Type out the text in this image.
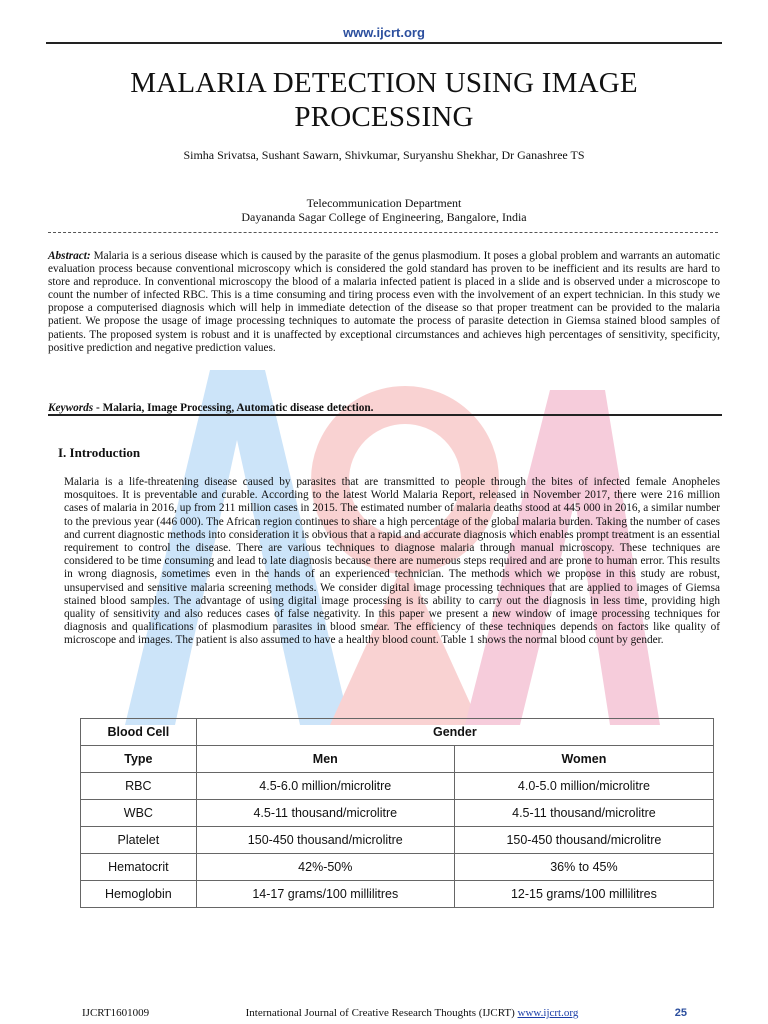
www.ijcrt.org
MALARIA DETECTION USING IMAGE
PROCESSING
Simha Srivatsa, Sushant Sawarn, Shivkumar, Suryanshu Shekhar, Dr Ganashree TS
Telecommunication Department
Dayananda Sagar College of Engineering, Bangalore, India
Abstract: Malaria is a serious disease which is caused by the parasite of the genus plasmodium. It poses a global problem and warrants an automatic evaluation process because conventional microscopy which is considered the gold standard has proven to be inefficient and its results are hard to store and reproduce. In conventional microscopy the blood of a malaria infected patient is placed in a slide and is observed under a microscope to count the number of infected RBC. This is a time consuming and tiring process even with the involvement of an expert technician. In this study we propose a computerised diagnosis which will help in immediate detection of the disease so that proper treatment can be provided to the malaria patient. We propose the usage of image processing techniques to automate the process of parasite detection in Giemsa stained blood samples of patients. The proposed system is robust and it is unaffected by exceptional circumstances and achieves high percentages of sensitivity, specificity, positive prediction and negative prediction values.
Keywords - Malaria, Image Processing, Automatic disease detection.
I. Introduction
Malaria is a life-threatening disease caused by parasites that are transmitted to people through the bites of infected female Anopheles mosquitoes. It is preventable and curable. According to the latest World Malaria Report, released in November 2017, there were 216 million cases of malaria in 2016, up from 211 million cases in 2015. The estimated number of malaria deaths stood at 445 000 in 2016, a similar number to the previous year (446 000). The African region continues to share a high percentage of the global malaria burden. Taking the number of cases and current diagnostic methods into consideration it is obvious that a rapid and accurate diagnosis which enables prompt treatment is an essential requirement to control the disease. There are various techniques to diagnose malaria through manual microscopy. These techniques are considered to be time consuming and lead to late diagnosis because there are numerous steps required and are prone to human error. This results in wrong diagnosis, sometimes even in the hands of an experienced technician. The methods which we propose in this study are robust, unsupervised and sensitive malaria screening methods. We consider digital image processing techniques that are applied to images of Giemsa stained blood samples. The advantage of using digital image processing is its ability to carry out the diagnosis in less time, providing high quality of sensitivity and also reduces cases of false negativity. In this paper we present a new window of image processing techniques for diagnosis and qualifications of plasmodium parasites in blood smear. The efficiency of these techniques depends on factors like quality of microscope and images. The patient is also assumed to have a healthy blood count. Table 1 shows the normal blood count by gender.
Blood Cell	Gender	
Type	Men	Women
RBC	4.5-6.0 million/microlitre	4.0-5.0 million/microlitre
WBC	4.5-11 thousand/microlitre	4.5-11 thousand/microlitre
Platelet	150-450 thousand/microlitre	150-450 thousand/microlitre
Hematocrit	42%-50%	36% to 45%
Hemoglobin	14-17 grams/100 millilitres	12-15 grams/100 millilitres
IJCRT1601009	International Journal of Creative Research Thoughts (IJCRT) www.ijcrt.org	25
